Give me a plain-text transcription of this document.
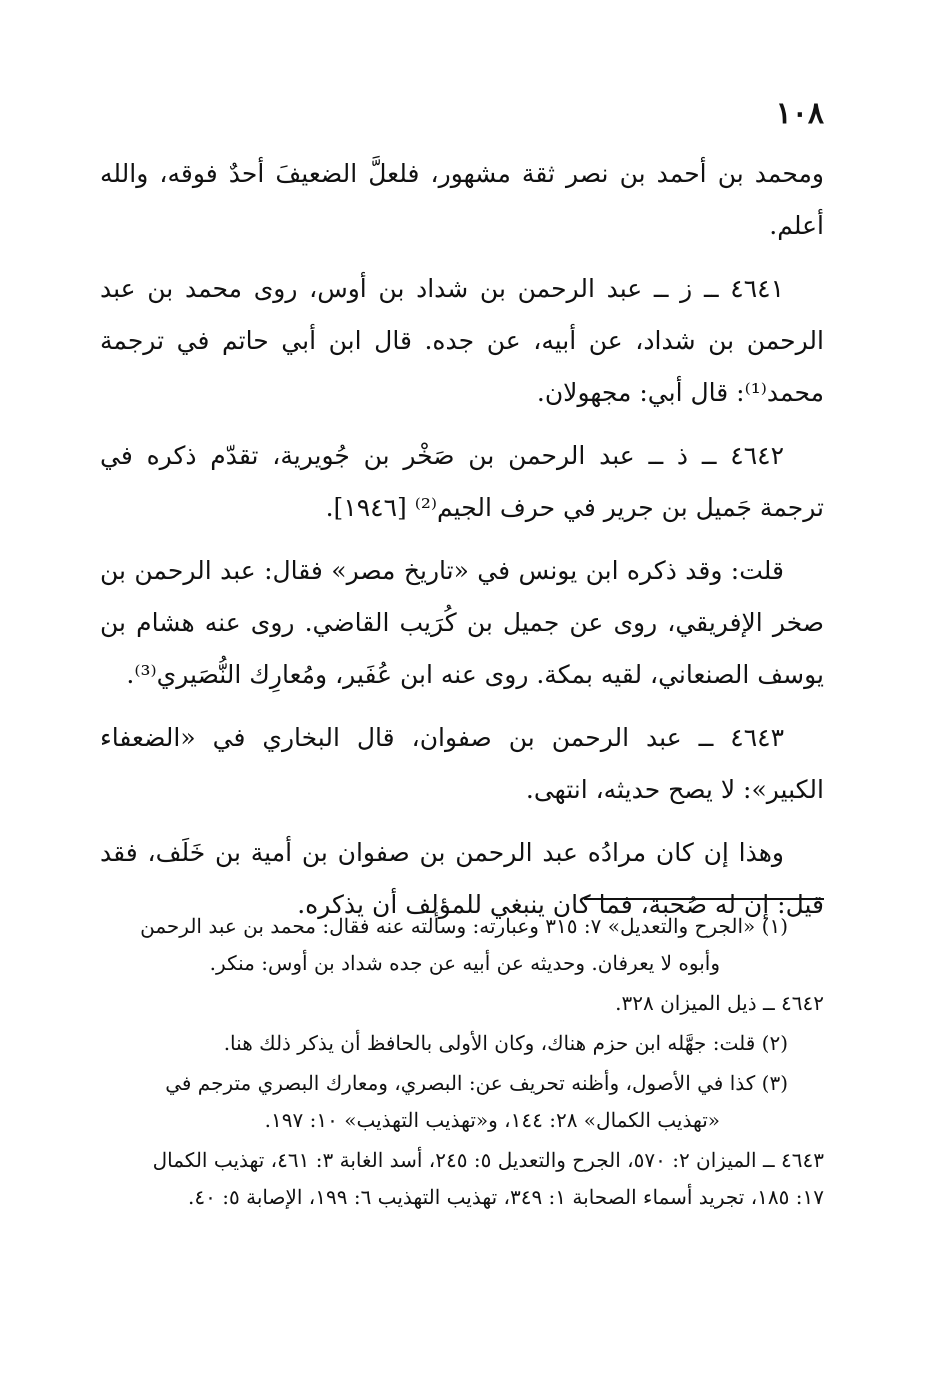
١٠٨

ومحمد بن أحمد بن نصر ثقة مشهور، فلعلَّ الضعيفَ أحدٌ فوقه، والله أعلم.

٤٦٤١ ــ ز ــ عبد الرحمن بن شداد بن أوس، روى محمد بن عبد الرحمن بن شداد، عن أبيه، عن جده. قال ابن أبي حاتم في ترجمة محمد⁽¹⁾: قال أبي: مجهولان.

٤٦٤٢ ــ ذ ــ عبد الرحمن بن صَخْر بن جُويرية، تقدّم ذكره في ترجمة جَميل بن جرير في حرف الجيم⁽²⁾ [١٩٤٦].

قلت: وقد ذكره ابن يونس في «تاريخ مصر» فقال: عبد الرحمن بن صخر الإفريقي، روى عن جميل بن كُرَيب القاضي. روى عنه هشام بن يوسف الصنعاني، لقيه بمكة. روى عنه ابن عُفَير، ومُعارِك النُّصَيري⁽³⁾.

٤٦٤٣ ــ عبد الرحمن بن صفوان، قال البخاري في «الضعفاء الكبير»: لا يصح حديثه، انتهى.

وهذا إن كان مرادُه عبد الرحمن بن صفوان بن أمية بن خَلَف، فقد قيل: إن له صُحبة، فما كان ينبغي للمؤلف أن يذكره.

(١) «الجرح والتعديل» ٧: ٣١٥ وعبارته: وسألته عنه فقال: محمد بن عبد الرحمن
وأبوه لا يعرفان. وحديثه عن أبيه عن جده شداد بن أوس: منكر.
٤٦٤٢ ــ ذيل الميزان ٣٢٨.
(٢) قلت: جهَّله ابن حزم هناك، وكان الأولى بالحافظ أن يذكر ذلك هنا.
(٣) كذا في الأصول، وأظنه تحريف عن: البصري، ومعارك البصري مترجم في
«تهذيب الكمال» ٢٨: ١٤٤، و«تهذيب التهذيب» ١٠: ١٩٧.
٤٦٤٣ ــ الميزان ٢: ٥٧٠، الجرح والتعديل ٥: ٢٤٥، أسد الغابة ٣: ٤٦١، تهذيب الكمال
١٧: ١٨٥، تجريد أسماء الصحابة ١: ٣٤٩، تهذيب التهذيب ٦: ١٩٩، الإصابة ٥: ٤٠.
